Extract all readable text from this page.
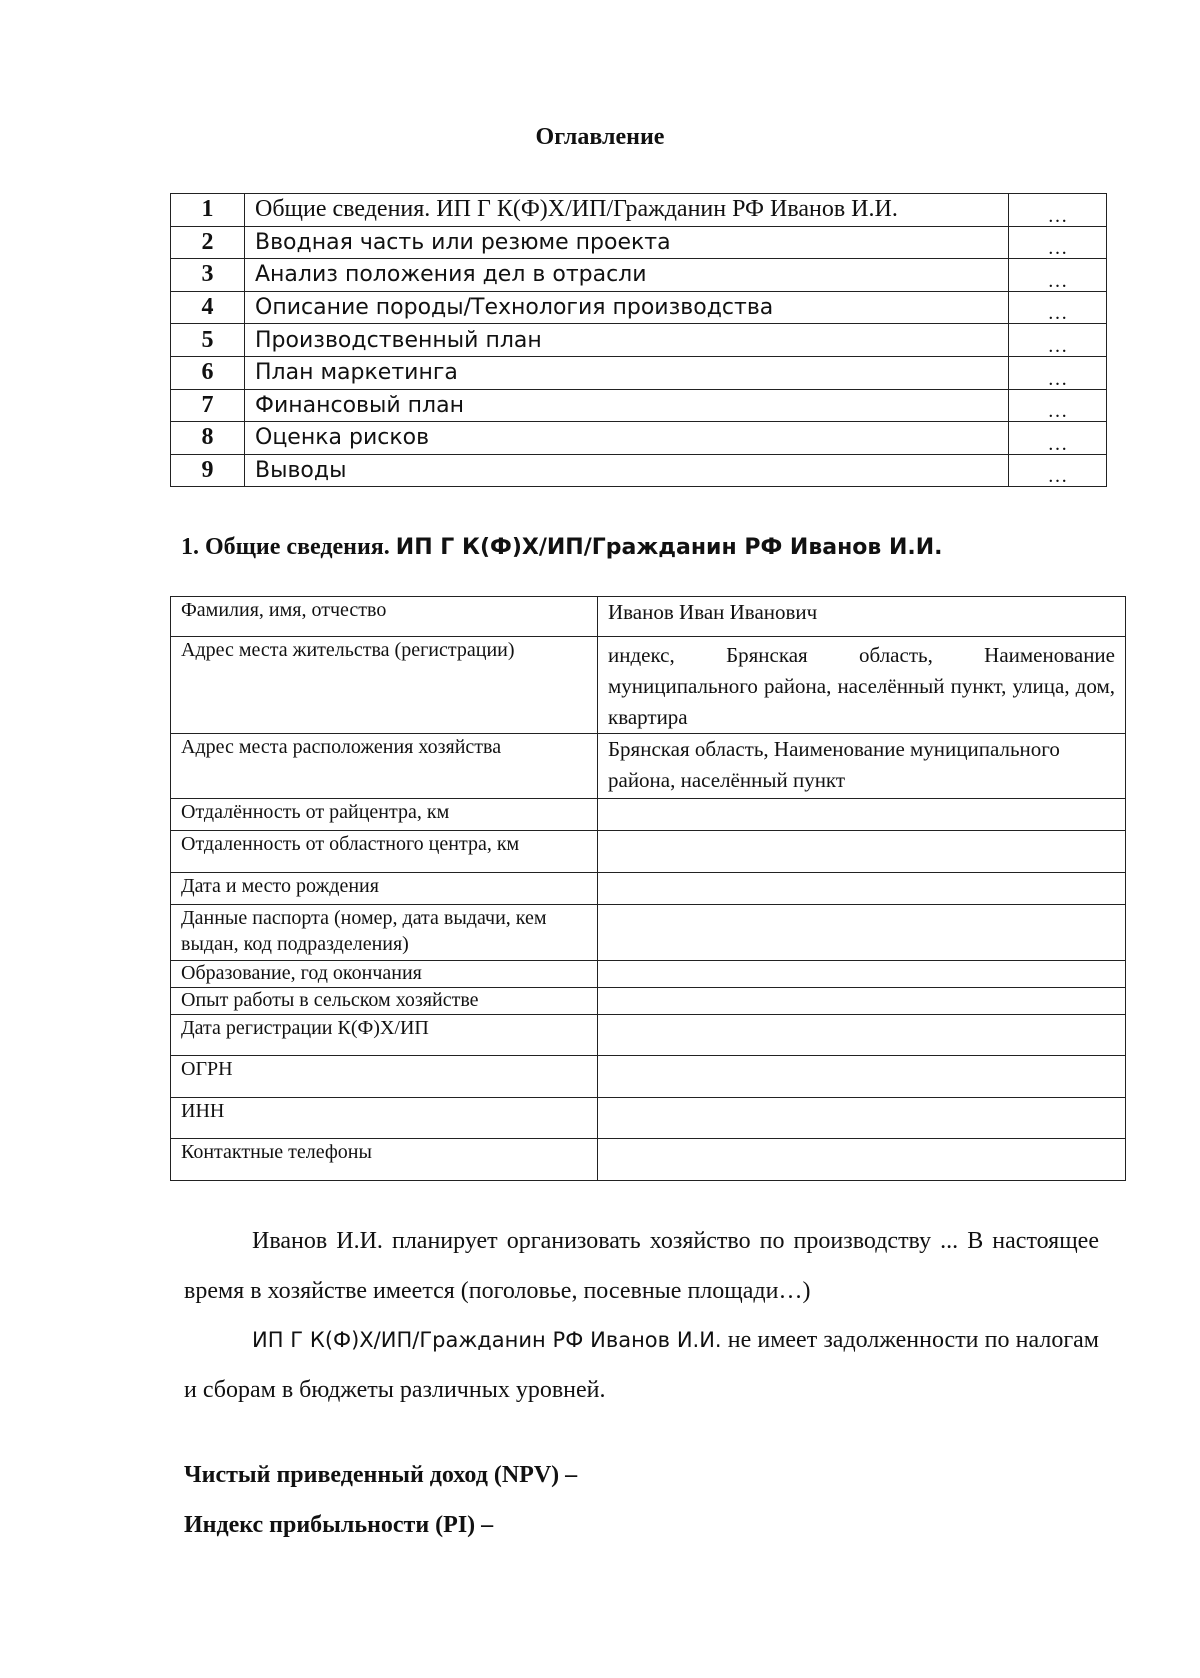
Оглавление
1	Общие сведения. ИП Г К(Ф)Х/ИП/Гражданин РФ Иванов И.И.	…
2	Вводная часть или резюме проекта	…
3	Анализ положения дел в отрасли	…
4	Описание породы/Технология производства	…
5	Производственный план	…
6	План маркетинга	…
7	Финансовый план	…
8	Оценка рисков	…
9	Выводы	…
1. Общие сведения. ИП Г К(Ф)Х/ИП/Гражданин РФ Иванов И.И.
Фамилия, имя, отчество	Иванов Иван Иванович
Адрес места жительства (регистрации)	индекс, Брянская область, Наименование муниципального района, населённый пункт, улица, дом, квартира
Адрес места расположения хозяйства	Брянская область, Наименование муниципального района, населённый пункт
Отдалённость от райцентра, км	
Отдаленность от областного центра, км	
Дата и место рождения	
Данные паспорта (номер, дата выдачи, кем выдан, код подразделения)	
Образование, год окончания	
Опыт работы в сельском хозяйстве	
Дата регистрации К(Ф)Х/ИП	
ОГРН	
ИНН	
Контактные телефоны	

Иванов И.И. планирует организовать хозяйство по производству ... В настоящее время в хозяйстве имеется (поголовье, посевные площади…)

ИП Г К(Ф)Х/ИП/Гражданин РФ Иванов И.И. не имеет задолженности по налогам и сборам в бюджеты различных уровней.

Чистый приведенный доход (NPV) –

Индекс прибыльности (PI) –
